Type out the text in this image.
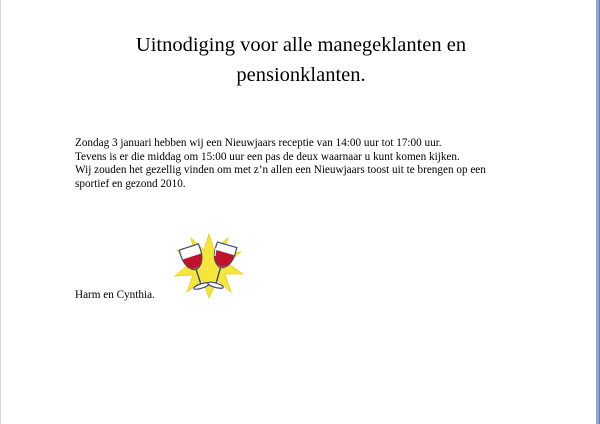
Uitnodiging voor alle manegeklanten en
pensionklanten.

Zondag 3 januari hebben wij een Nieuwjaars receptie van 14:00 uur tot 17:00 uur.

Tevens is er die middag om 15:00 uur een pas de deux waarnaar u kunt komen kijken.

Wij zouden het gezellig vinden om met z’n allen een Nieuwjaars toost uit te brengen op een

sportief en gezond 2010.

Harm en Cynthia.
